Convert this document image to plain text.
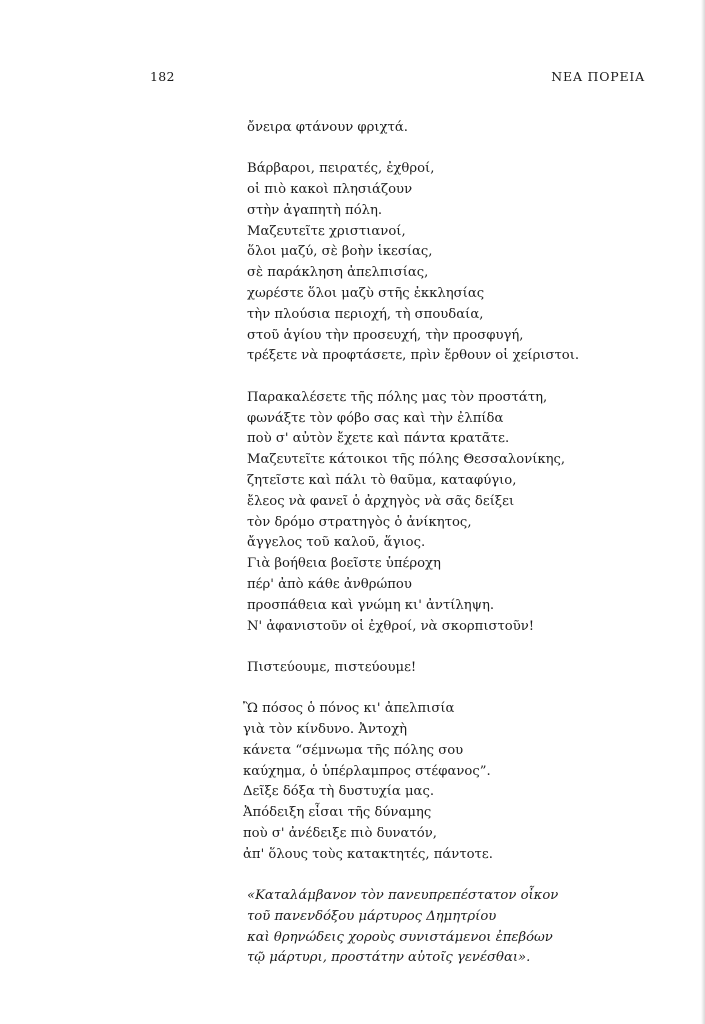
182	ΝΕΑ ΠΟΡΕΙΑ
ὄνειρα φτάνουν φριχτά.
Βάρβαροι, πειρατές, ἐχθροί,
οἱ πιὸ κακοὶ πλησιάζουν
στὴν ἀγαπητὴ πόλη.
Μαζευτεῖτε χριστιανοί,
ὅλοι μαζύ, σὲ βοὴν ἱκεσίας,
σὲ παράκληση ἀπελπισίας,
χωρέστε ὅλοι μαζὺ στῆς ἐκκλησίας
τὴν πλούσια περιοχή, τὴ σπουδαία,
στοῦ ἁγίου τὴν προσευχή, τὴν προσφυγή,
τρέξετε νὰ προφτάσετε, πρὶν ἔρθουν οἱ χείριστοι.
Παρακαλέσετε τῆς πόλης μας τὸν προστάτη,
φωνάξτε τὸν φόβο σας καὶ τὴν ἐλπίδα
ποὺ σ' αὐτὸν ἔχετε καὶ πάντα κρατᾶτε.
Μαζευτεῖτε κάτοικοι τῆς πόλης Θεσσαλονίκης,
ζητεῖστε καὶ πάλι τὸ θαῦμα, καταφύγιο,
ἔλεος νὰ φανεῖ ὁ ἀρχηγὸς νὰ σᾶς δείξει
τὸν δρόμο στρατηγὸς ὁ ἀνίκητος,
ἄγγελος τοῦ καλοῦ, ἅγιος.
Γιὰ βοήθεια βοεῖστε ὑπέροχη
πέρ' ἀπὸ κάθε ἀνθρώπου
προσπάθεια καὶ γνώμη κι' ἀντίληψη.
Ν' ἀφανιστοῦν οἱ ἐχθροί, νὰ σκορπιστοῦν!
Πιστεύουμε, πιστεύουμε!
Ὢ πόσος ὁ πόνος κι' ἀπελπισία
γιὰ τὸν κίνδυνο. Ἀντοχὴ
κάνετα “σέμνωμα τῆς πόλης σου
καύχημα, ὁ ὑπέρλαμπρος στέφανος”.
Δεῖξε δόξα τὴ δυστυχία μας.
Ἀπόδειξη εἶσαι τῆς δύναμης
ποὺ σ' ἀνέδειξε πιὸ δυνατόν,
ἀπ' ὅλους τοὺς κατακτητές, πάντοτε.
«Καταλάμβανον τὸν πανευπρεπέστατον οἶκον
τοῦ πανενδόξου μάρτυρος Δημητρίου
καὶ θρηνώδεις χοροὺς συνιστάμενοι ἐπεβόων
τῷ μάρτυρι, προστάτην αὐτοῖς γενέσθαι».
